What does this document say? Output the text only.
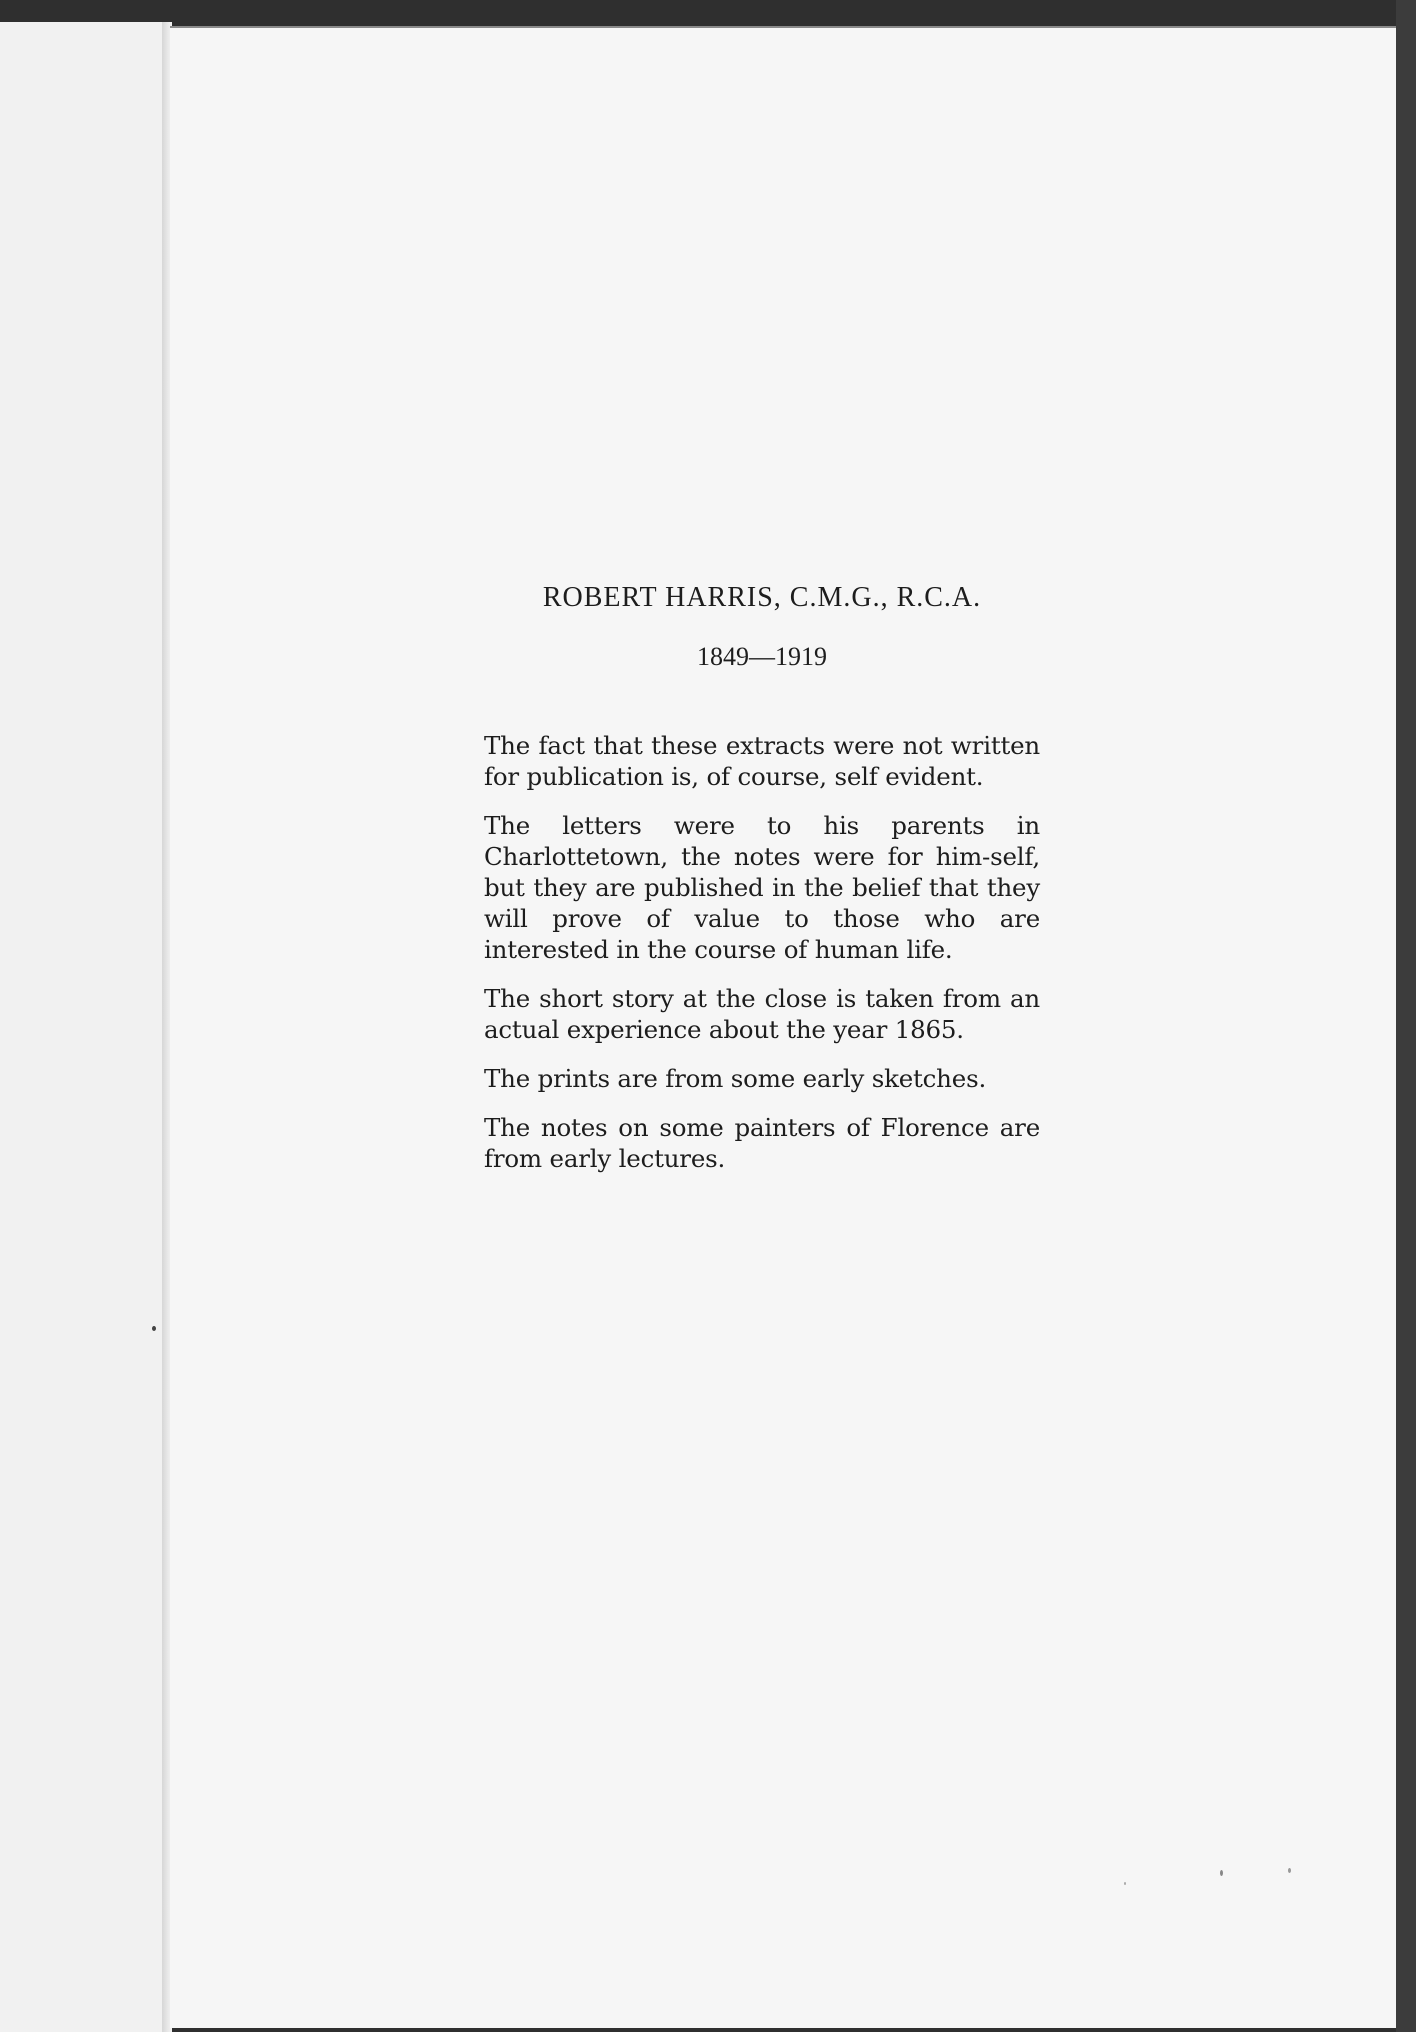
ROBERT HARRIS, C.M.G., R.C.A.
1849—1919

The fact that these extracts were not written for publication is, of course, self evident.

The letters were to his parents in Charlottetown, the notes were for him-self, but they are published in the belief that they will prove of value to those who are interested in the course of human life.

The short story at the close is taken from an actual experience about the year 1865.

The prints are from some early sketches.

The notes on some painters of Florence are from early lectures.
